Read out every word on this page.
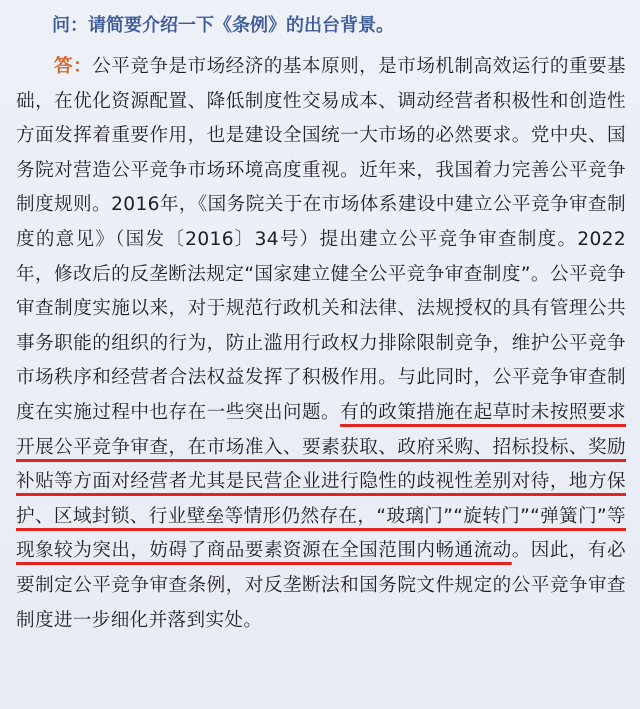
问：请简要介绍一下《条例》的出台背景。
答：公平竞争是市场经济的基本原则，是市场机制高效运行的重要基础，在优化资源配置、降低制度性交易成本、调动经营者积极性和创造性方面发挥着重要作用，也是建设全国统一大市场的必然要求。党中央、国务院对营造公平竞争市场环境高度重视。近年来，我国着力完善公平竞争制度规则。2016年，《国务院关于在市场体系建设中建立公平竞争审查制度的意见》（国发〔2016〕34号）提出建立公平竞争审查制度。2022年，修改后的反垄断法规定“国家建立健全公平竞争审查制度”。公平竞争审查制度实施以来，对于规范行政机关和法律、法规授权的具有管理公共事务职能的组织的行为，防止滥用行政权力排除限制竞争，维护公平竞争市场秩序和经营者合法权益发挥了积极作用。与此同时，公平竞争审查制度在实施过程中也存在一些突出问题。有的政策措施在起草时未按照要求开展公平竞争审查，在市场准入、要素获取、政府采购、招标投标、奖励补贴等方面对经营者尤其是民营企业进行隐性的歧视性差别对待，地方保护、区域封锁、行业壁垒等情形仍然存在，“玻璃门”“旋转门”“弹簧门”等现象较为突出，妨碍了商品要素资源在全国范围内畅通流动。因此，有必要制定公平竞争审查条例，对反垄断法和国务院文件规定的公平竞争审查制度进一步细化并落到实处。
